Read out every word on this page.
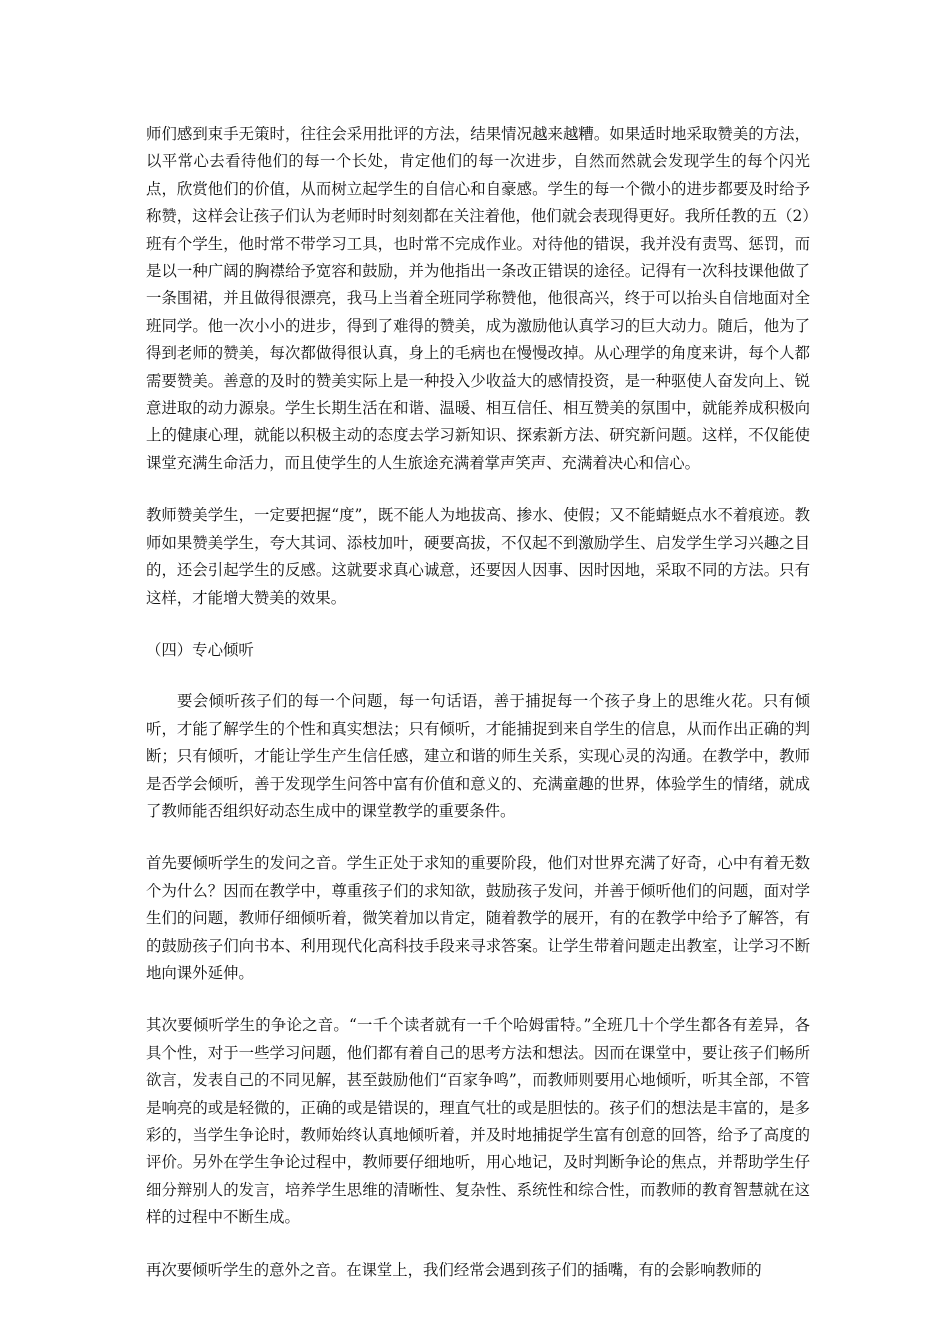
师们感到束手无策时，往往会采用批评的方法，结果情况越来越糟。如果适时地采取赞美的方法，以平常心去看待他们的每一个长处，肯定他们的每一次进步，自然而然就会发现学生的每个闪光点，欣赏他们的价值，从而树立起学生的自信心和自豪感。学生的每一个微小的进步都要及时给予称赞，这样会让孩子们认为老师时时刻刻都在关注着他，他们就会表现得更好。我所任教的五（2）班有个学生，他时常不带学习工具，也时常不完成作业。对待他的错误，我并没有责骂、惩罚，而是以一种广阔的胸襟给予宽容和鼓励，并为他指出一条改正错误的途径。记得有一次科技课他做了一条围裙，并且做得很漂亮，我马上当着全班同学称赞他，他很高兴，终于可以抬头自信地面对全班同学。他一次小小的进步，得到了难得的赞美，成为激励他认真学习的巨大动力。随后，他为了得到老师的赞美，每次都做得很认真，身上的毛病也在慢慢改掉。从心理学的角度来讲，每个人都需要赞美。善意的及时的赞美实际上是一种投入少收益大的感情投资，是一种驱使人奋发向上、锐意进取的动力源泉。学生长期生活在和谐、温暖、相互信任、相互赞美的氛围中，就能养成积极向上的健康心理，就能以积极主动的态度去学习新知识、探索新方法、研究新问题。这样，不仅能使课堂充满生命活力，而且使学生的人生旅途充满着掌声笑声、充满着决心和信心。

教师赞美学生，一定要把握“度”，既不能人为地拔高、掺水、使假；又不能蜻蜓点水不着痕迹。教师如果赞美学生，夸大其词、添枝加叶，硬要高拔，不仅起不到激励学生、启发学生学习兴趣之目的，还会引起学生的反感。这就要求真心诚意，还要因人因事、因时因地，采取不同的方法。只有这样，才能增大赞美的效果。

（四）专心倾听

要会倾听孩子们的每一个问题，每一句话语，善于捕捉每一个孩子身上的思维火花。只有倾听，才能了解学生的个性和真实想法；只有倾听，才能捕捉到来自学生的信息，从而作出正确的判断；只有倾听，才能让学生产生信任感，建立和谐的师生关系，实现心灵的沟通。在教学中，教师是否学会倾听，善于发现学生问答中富有价值和意义的、充满童趣的世界，体验学生的情绪，就成了教师能否组织好动态生成中的课堂教学的重要条件。

首先要倾听学生的发问之音。学生正处于求知的重要阶段，他们对世界充满了好奇，心中有着无数个为什么？因而在教学中，尊重孩子们的求知欲，鼓励孩子发问，并善于倾听他们的问题，面对学生们的问题，教师仔细倾听着，微笑着加以肯定，随着教学的展开，有的在教学中给予了解答，有的鼓励孩子们向书本、利用现代化高科技手段来寻求答案。让学生带着问题走出教室，让学习不断地向课外延伸。

其次要倾听学生的争论之音。“一千个读者就有一千个哈姆雷特。”全班几十个学生都各有差异，各具个性，对于一些学习问题，他们都有着自己的思考方法和想法。因而在课堂中，要让孩子们畅所欲言，发表自己的不同见解，甚至鼓励他们“百家争鸣”，而教师则要用心地倾听，听其全部，不管是响亮的或是轻微的，正确的或是错误的，理直气壮的或是胆怯的。孩子们的想法是丰富的，是多彩的，当学生争论时，教师始终认真地倾听着，并及时地捕捉学生富有创意的回答，给予了高度的评价。另外在学生争论过程中，教师要仔细地听，用心地记，及时判断争论的焦点，并帮助学生仔细分辩别人的发言，培养学生思维的清晰性、复杂性、系统性和综合性，而教师的教育智慧就在这样的过程中不断生成。

再次要倾听学生的意外之音。在课堂上，我们经常会遇到孩子们的插嘴，有的会影响教师的
